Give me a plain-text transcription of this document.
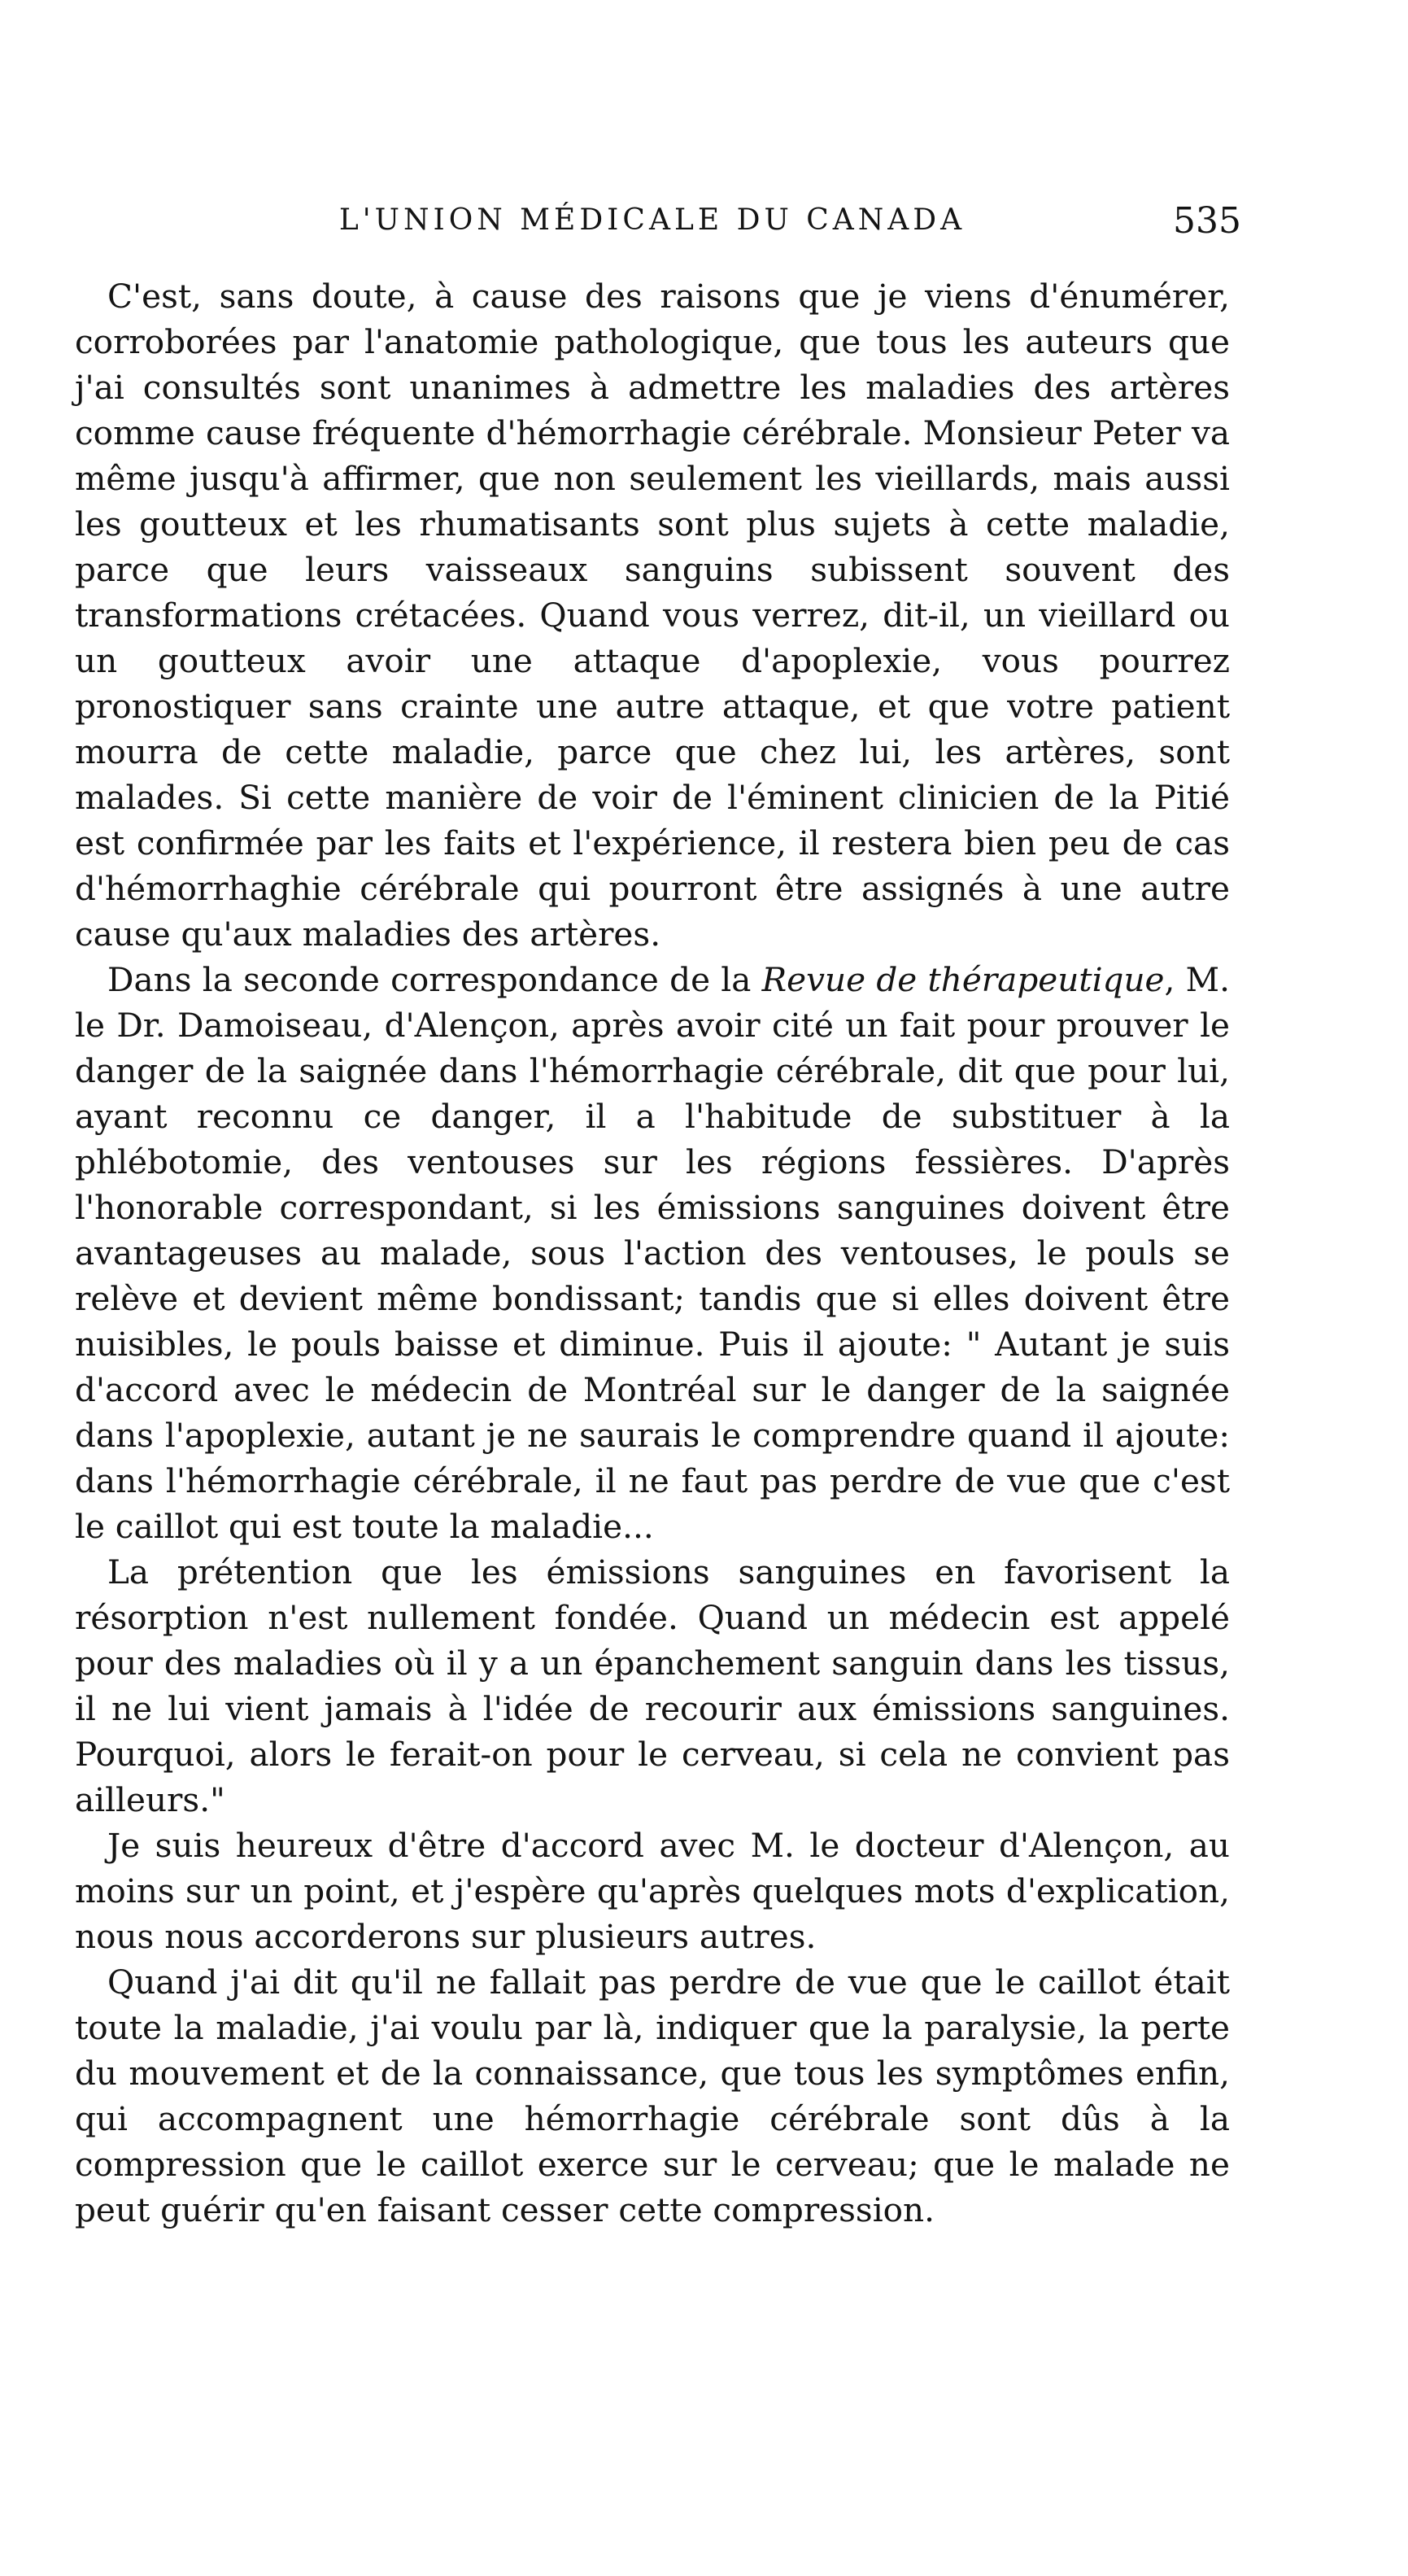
L'UNION MÉDICALE DU CANADA	535

C'est, sans doute, à cause des raisons que je viens d'énumérer, corroborées par l'anatomie pathologique, que tous les auteurs que j'ai consultés sont unanimes à admettre les maladies des artères comme cause fréquente d'hémorrhagie cérébrale. Monsieur Peter va même jusqu'à affirmer, que non seulement les vieillards, mais aussi les goutteux et les rhumatisants sont plus sujets à cette maladie, parce que leurs vaisseaux sanguins subissent souvent des transformations crétacées. Quand vous verrez, dit-il, un vieillard ou un goutteux avoir une attaque d'apoplexie, vous pourrez pronostiquer sans crainte une autre attaque, et que votre patient mourra de cette maladie, parce que chez lui, les artères, sont malades. Si cette manière de voir de l'éminent clinicien de la Pitié est confirmée par les faits et l'expérience, il restera bien peu de cas d'hémorrhaghie cérébrale qui pourront être assignés à une autre cause qu'aux maladies des artères.

Dans la seconde correspondance de la Revue de thérapeutique, M. le Dr. Damoiseau, d'Alençon, après avoir cité un fait pour prouver le danger de la saignée dans l'hémorrhagie cérébrale, dit que pour lui, ayant reconnu ce danger, il a l'habitude de substituer à la phlébotomie, des ventouses sur les régions fessières. D'après l'honorable correspondant, si les émissions sanguines doivent être avantageuses au malade, sous l'action des ventouses, le pouls se relève et devient même bondissant; tandis que si elles doivent être nuisibles, le pouls baisse et diminue. Puis il ajoute: " Autant je suis d'accord avec le médecin de Montréal sur le danger de la saignée dans l'apoplexie, autant je ne saurais le comprendre quand il ajoute: dans l'hémorrhagie cérébrale, il ne faut pas perdre de vue que c'est le caillot qui est toute la maladie...

La prétention que les émissions sanguines en favorisent la résorption n'est nullement fondée. Quand un médecin est appelé pour des maladies où il y a un épanchement sanguin dans les tissus, il ne lui vient jamais à l'idée de recourir aux émissions sanguines. Pourquoi, alors le ferait-on pour le cerveau, si cela ne convient pas ailleurs."

Je suis heureux d'être d'accord avec M. le docteur d'Alençon, au moins sur un point, et j'espère qu'après quelques mots d'explication, nous nous accorderons sur plusieurs autres.

Quand j'ai dit qu'il ne fallait pas perdre de vue que le caillot était toute la maladie, j'ai voulu par là, indiquer que la paralysie, la perte du mouvement et de la connaissance, que tous les symptômes enfin, qui accompagnent une hémorrhagie cérébrale sont dûs à la compression que le caillot exerce sur le cerveau; que le malade ne peut guérir qu'en faisant cesser cette compression.
